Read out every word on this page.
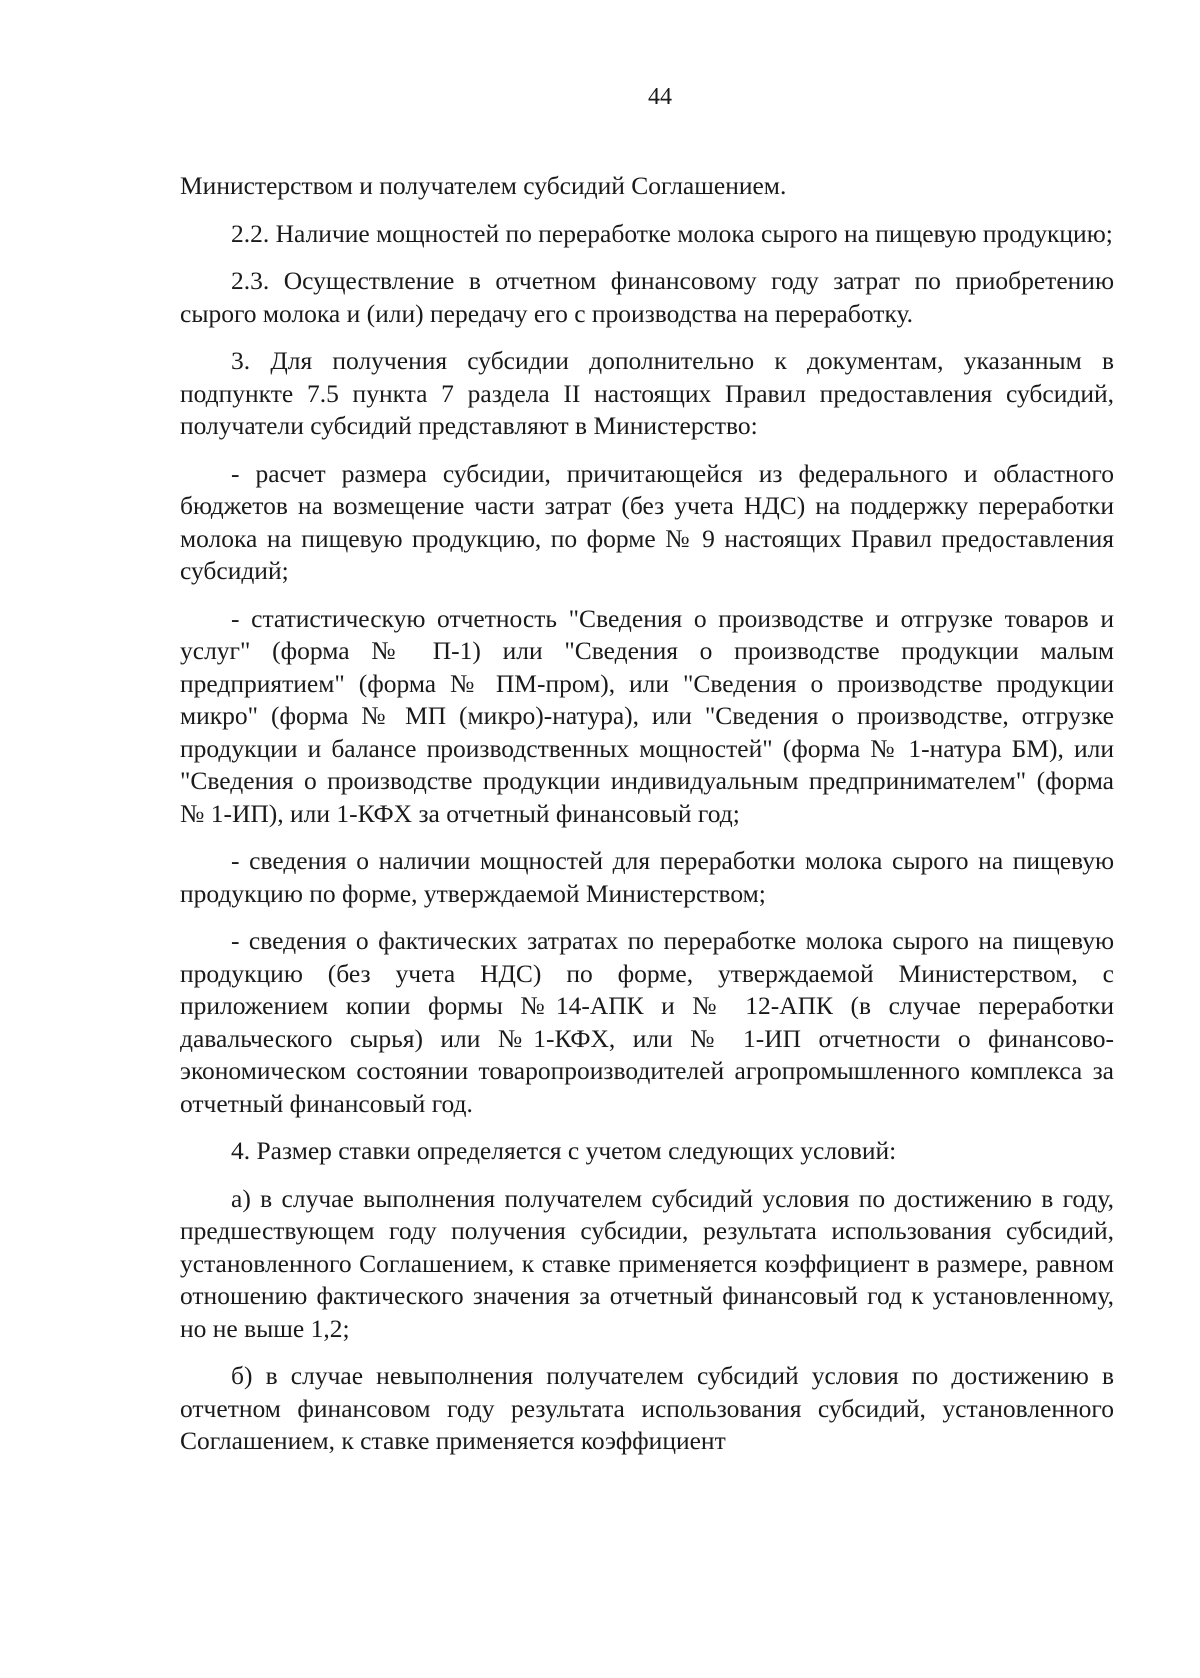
44

Министерством и получателем субсидий Соглашением.

2.2. Наличие мощностей по переработке молока сырого на пищевую продукцию;

2.3. Осуществление в отчетном финансовому году затрат по приобретению сырого молока и (или) передачу его с производства на переработку.

3. Для получения субсидии дополнительно к документам, указанным в подпункте 7.5 пункта 7 раздела II настоящих Правил предоставления субсидий, получатели субсидий представляют в Министерство:

- расчет размера субсидии, причитающейся из федерального и областного бюджетов на возмещение части затрат (без учета НДС) на поддержку переработки молока на пищевую продукцию, по форме № 9 настоящих Правил предоставления субсидий;

- статистическую отчетность "Сведения о производстве и отгрузке товаров и услуг" (форма № П-1) или "Сведения о производстве продукции малым предприятием" (форма № ПМ-пром), или "Сведения о производстве продукции микро" (форма № МП (микро)-натура), или "Сведения о производстве, отгрузке продукции и балансе производственных мощностей" (форма № 1-натура БМ), или "Сведения о производстве продукции индивидуальным предпринимателем" (форма № 1-ИП), или 1-КФХ за отчетный финансовый год;

- сведения о наличии мощностей для переработки молока сырого на пищевую продукцию по форме, утверждаемой Министерством;

- сведения о фактических затратах по переработке молока сырого на пищевую продукцию (без учета НДС) по форме, утверждаемой Министерством, с приложением копии формы №14-АПК и № 12-АПК (в случае переработки давальческого сырья) или №1-КФХ, или № 1-ИП отчетности о финансово-экономическом состоянии товаропроизводителей агропромышленного комплекса за отчетный финансовый год.

4. Размер ставки определяется с учетом следующих условий:

а) в случае выполнения получателем субсидий условия по достижению в году, предшествующем году получения субсидии, результата использования субсидий, установленного Соглашением, к ставке применяется коэффициент в размере, равном отношению фактического значения за отчетный финансовый год к установленному, но не выше 1,2;

б) в случае невыполнения получателем субсидий условия по достижению в отчетном финансовом году результата использования субсидий, установленного Соглашением, к ставке применяется коэффициент
